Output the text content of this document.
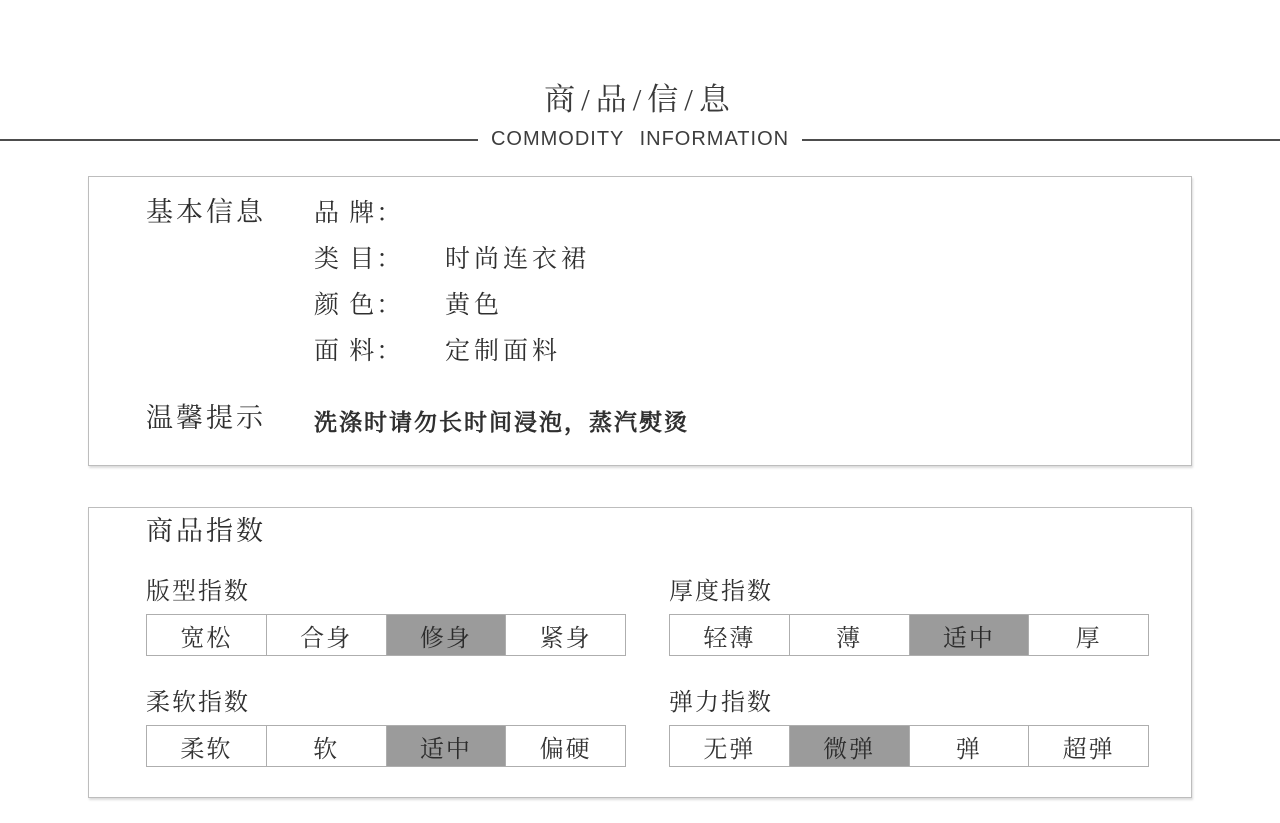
商/品/信/息
COMMODITY INFORMATION
基本信息 品 牌：
类 目： 时尚连衣裙
颜 色： 黄色
面 料： 定制面料
温馨提示 洗涤时请勿长时间浸泡，蒸汽熨烫
商品指数
版型指数
宽松	合身	修身	紧身
厚度指数
轻薄	薄	适中	厚
柔软指数
柔软	软	适中	偏硬
弹力指数
无弹	微弹	弹	超弹
